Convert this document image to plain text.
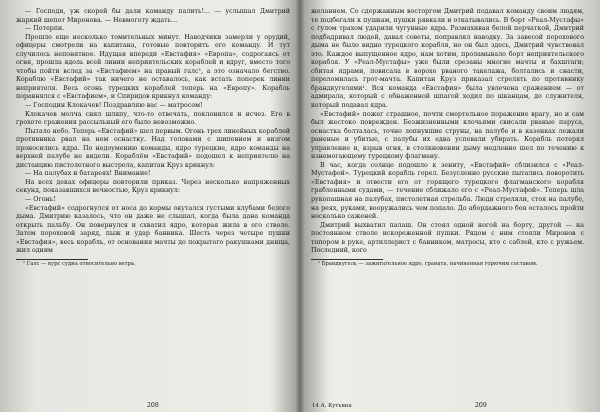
— Господи, уж скорей бы дали команду палить!... — услышал Дмитрий жаркий шепот Миронова. — Невмоготу ждать...

— Потерпи.

Прошло еще несколько томительных минут. Наводчики замерли у орудий, офицеры смотрели на капитана, готовые повторить его команду. И тут случилось непонятное. Идущая впереди «Евстафия» «Европа», содрогаясь от огня, прошла вдоль всей линии неприятельских кораблей и вдруг, вместо того чтобы пойти вслед за «Евстафием» на правый галс¹, а это означало бегство. Кораблю «Евстафий» так ничего не оставалось, как встать поперек линии неприятеля. Весь огонь турецких кораблей теперь на «Европу». Корабль поравнялся с «Евстафием», и Спиридов крикнул команду:

— Господин Клокачев! Поздравляю вас — матросом!

Клокачев молча снял шляпу, что-то отвечать, поклонился и исчез. Его в грохоте сражения рассыльный его было невозможно.

Пытало небо. Теперь «Евстафий» шел первым. Огонь трех линейных кораблей противника рвал на нем оснастку. Над головами с шипением и визгом проносились ядра. По недоумению команды, ядро турецкие, ядро команды на верхней палубе не видели. Кораблём «Евстафий» подошел к неприятелю на дистанцию пистолетного выстрела, капитан Круз крикнул:

— На палубах и батареях! Внимание!

На всех деках офицеры повторили приказ. Через несколько напряженных секунд, показавшихся вечностью, Круз крикнул:

— Огонь!

«Евстафий» содрогнулся от носа до кормы окутался густыми клубами белого дыма. Дмитрию казалось, что он даже не слышал, когда была дана команда открыть пальбу. Он повернулся и схватил ядро, которая жила в его стволе. Затем пороховой заряд, пыж и удар банника. Шесть через четыре пушки «Евстафия», весь корабль, от основания мачты до покрытого ракушками днища, жил одним

¹ Галс — курс судна относительно ветра.
208

желанием. Со сдержанным восторгом Дмитрий подавал команду своим людям, те подбегали к пушкам, пушки рявкали и откатывались. В борт «Реал-Мустафы» с гулом трахом ударили чугунные ядра. Размахивая белой перчаткой, Дмитрий подбадривал людей, давал советы, поправлял наводку. За завесой порохового дыма не было видно турецкого корабля, но он был здесь, Дмитрий чувствовал это. Каждое выпущенное ядро, нам хотим, проламывало борт неприятельского корабля. У «Реал-Мустафы» уже были срезаны многие мачты и бахштаги; сбитая ядрами, повисала в ворохе рваного такелажа, болтались и снасти, переломилась грот-мачта. Капитан Круз приказал стрелять по противнику брандкугелями¹. Вся команда «Евстафия» была увлечена сражением — от адмирала, который с обнаженной шпагой ходил по шканцам, до служителя, который подавал ядра.

«Евстафий» пожег страшное, почти смертельное поражение врагу, но и сам был жестоко поврежден. Безжизненными клочьями свисали рваные паруса, оснастка болталась, точно лопнувшие струны, на палубе и в казенках лежали раненые и убитые, с палубы их едва успевали убирать. Корабль потерял управление и, взрыв огня, в столкновении дыму медленно шел по течению к изнемогающему турецкому флагману.

В час, когда солнце подошло к зениту, «Евстафий» сблизился с «Реал-Мустафой». Турецкий корабль горел. Безусленно русские пытались поворотить «Евстафия» и отвести его от горящего турецкого флагманского корабля грабленными судами, — течение сближало его с «Реал-Мустафой». Теперь шла рукопашная на палубах, пистолетная стрельба. Люди стреляли, стоя на палубе, на реях, руками, вооружались чем попало. До абордажного боя осталось пройти несколько саженей.

Дмитрий выхватил палаш. Он стоял одной ногой на борту, другой — на постоянном стволе искореженной пушки. Рядом с ним стояли Миронов с топором в руке, артиллерист с банником, матросы, кто с саблей, кто с ружьем. Последний, кого

¹ Брандкугель — зажигательное ядро, граната, начиненная горючим составом.
14 А. Кутьина	209
